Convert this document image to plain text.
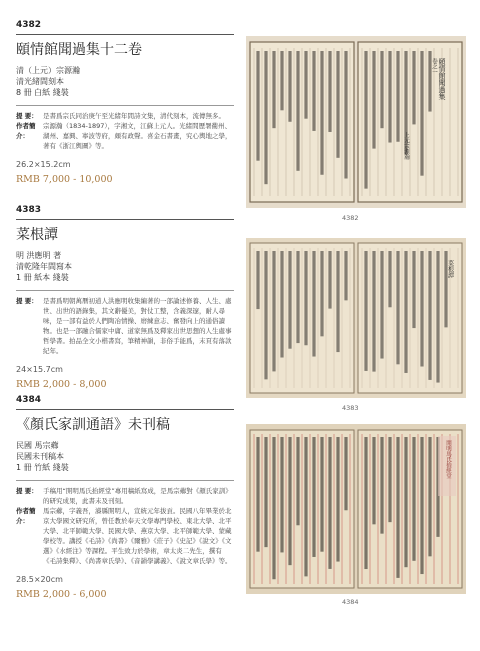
4382
頤情館聞過集十二卷
清（上元）宗源瀚
清光緒間刻本
8 冊 白紙 綫裝
提 要： 是書爲宗氏同治庚午至光緒年間詩文集，清代刻本，流傳無多。
作者簡介：
宗源瀚（1834-1897），字湘文，江蘇上元人。光緒間歷署衢州、湖州、嘉興、寧波等府，頗有政聲。喜金石書畫，究心輿地之學，著有《浙江輿圖》等。
26.2×15.2cm
RMB 7,000 - 10,000
4383
菜根譚
明 洪應明 著
清乾隆年間寫本
1 冊 紙本 綫裝
提 要： 是書爲明朝萬曆初道人洪應明收集編著的一部論述修養、人生、處世、出世的語錄集，其文辭優美，對仗工整，含義深邃，耐人尋味，是一部有益於人們陶冶情操、磨練意志、奮發向上的通俗讀物。也是一部融合儒家中庸、道家無爲及釋家出世思想的人生處事哲學書。拍品全文小楷書寫，筆精神韻，非俗手能爲，末頁有落款紀年。
24×15.7cm
RMB 2,000 - 8,000
4384
《顏氏家訓通語》未刊稿
民國 馬宗薌
民國未刊稿本
1 冊 竹紙 綫裝
提 要： 手稿用“開明馬氏抬經堂”專用稿紙寫成，是馬宗薌對《顏氏家訓》的研究成果，此書未及刊刻。
作者簡介：
馬宗薌，字義吾，濬縣開明人，宣統元年拔貢。民國八年畢業於北京大學國文研究所，曾任教於奉天文學專門學校、東北大學、北平大學、北平師範大學、民國大學、燕京大學、北平師範大學、蒙藏學校等。講授《毛詩》《尚書》《爾雅》《莊子》《史記》《說文》《文選》《水經注》等課程。平生致力於學術，章太炎二先生，撰有《毛詩集釋》、《尚書章氏學》、《音韻學講義》、《說文章氏學》等。
28.5×20cm
RMB 2,000 - 6,000
頤情館聞過集
卷之一
上元宗源瀚
4382
菜根譚
4383
開明馬氏抬經堂
4384
